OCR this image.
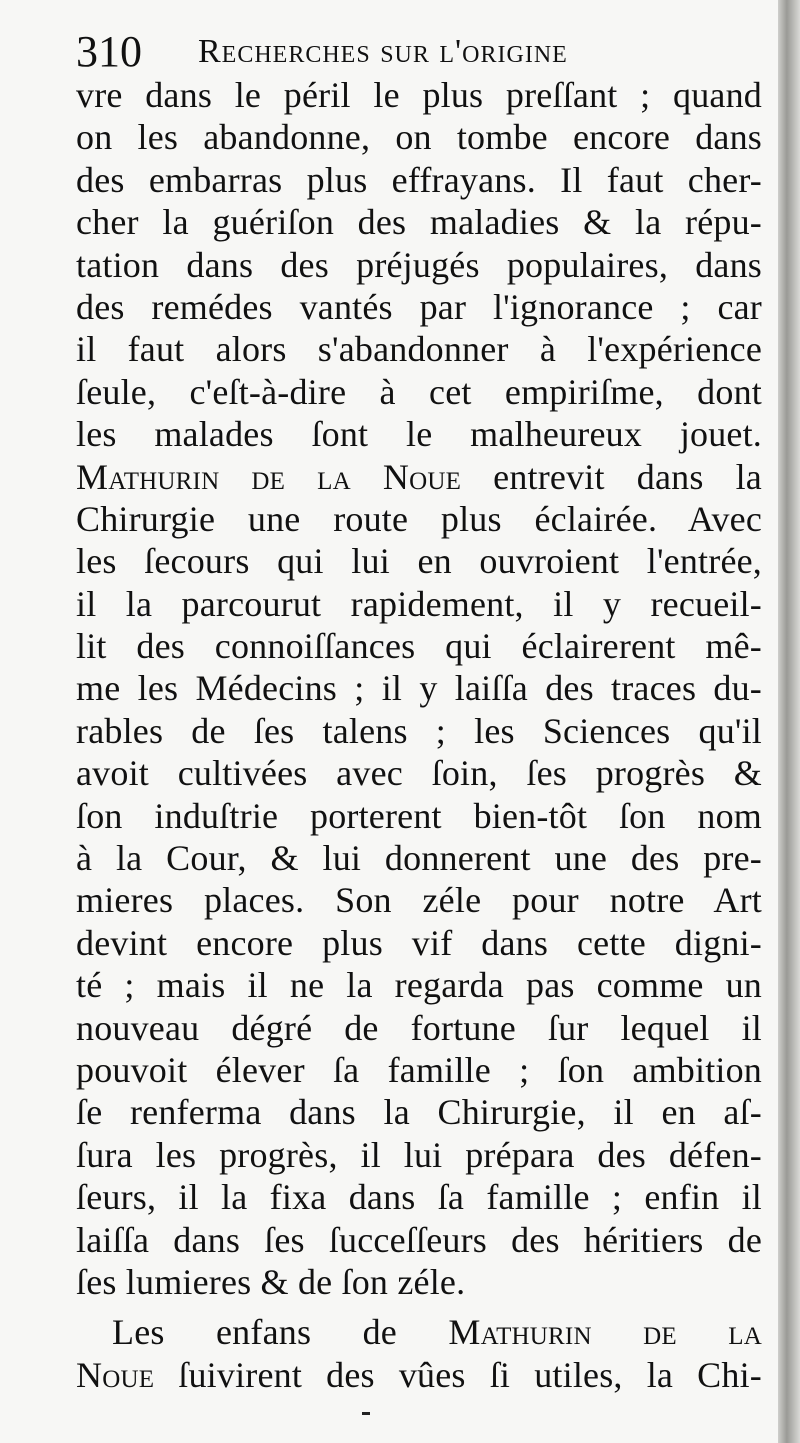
310 Recherches sur l'origine
vre dans le péril le plus preſſant ; quand
on les abandonne, on tombe encore dans
des embarras plus effrayans. Il faut cher-
cher la guériſon des maladies & la répu-
tation dans des préjugés populaires, dans
des remédes vantés par l'ignorance ; car
il faut alors s'abandonner à l'expérience
ſeule, c'eſt-à-dire à cet empiriſme, dont
les malades ſont le malheureux jouet.
Mathurin de la Noue entrevit dans la
Chirurgie une route plus éclairée. Avec
les ſecours qui lui en ouvroient l'entrée,
il la parcourut rapidement, il y recueil-
lit des connoiſſances qui éclairerent mê-
me les Médecins ; il y laiſſa des traces du-
rables de ſes talens ; les Sciences qu'il
avoit cultivées avec ſoin, ſes progrès &
ſon induſtrie porterent bien-tôt ſon nom
à la Cour, & lui donnerent une des pre-
mieres places. Son zéle pour notre Art
devint encore plus vif dans cette digni-
té ; mais il ne la regarda pas comme un
nouveau dégré de fortune ſur lequel il
pouvoit élever ſa famille ; ſon ambition
ſe renferma dans la Chirurgie, il en aſ-
ſura les progrès, il lui prépara des défen-
ſeurs, il la fixa dans ſa famille ; enfin il
laiſſa dans ſes ſucceſſeurs des héritiers de
ſes lumieres & de ſon zéle.
Les enfans de Mathurin de la
Noue ſuivirent des vûes ſi utiles, la Chi-
